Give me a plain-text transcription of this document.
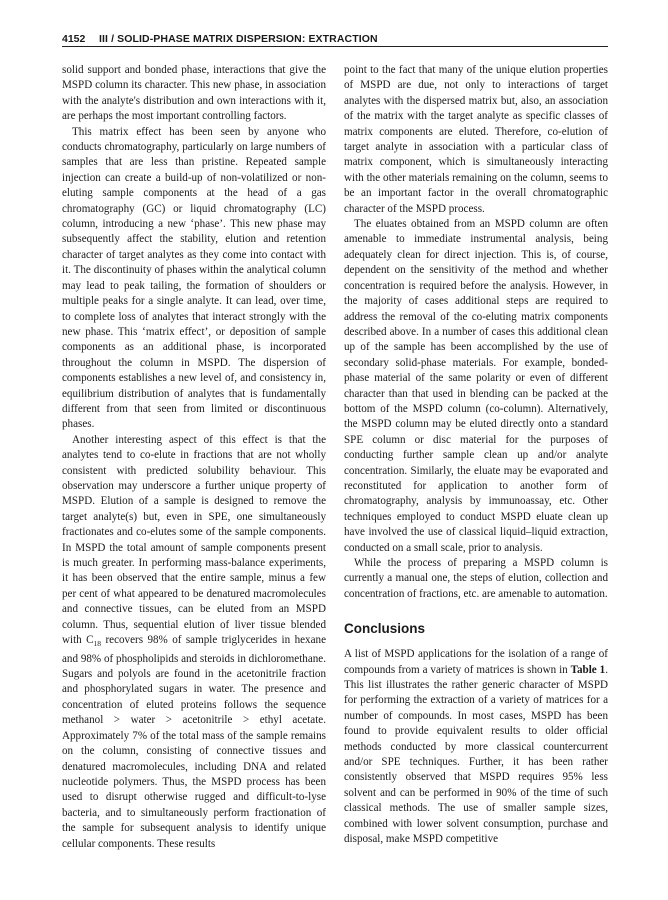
4152 III / SOLID-PHASE MATRIX DISPERSION: EXTRACTION

solid support and bonded phase, interactions that give the MSPD column its character. This new phase, in association with the analyte's distribution and own interactions with it, are perhaps the most important controlling factors.

This matrix effect has been seen by anyone who conducts chromatography, particularly on large numbers of samples that are less than pristine. Repeated sample injection can create a build-up of non-volatilized or non-eluting sample components at the head of a gas chromatography (GC) or liquid chromatography (LC) column, introducing a new ‘phase’. This new phase may subsequently affect the stability, elution and retention character of target analytes as they come into contact with it. The discontinuity of phases within the analytical column may lead to peak tailing, the formation of shoulders or multiple peaks for a single analyte. It can lead, over time, to complete loss of analytes that interact strongly with the new phase. This ‘matrix effect’, or deposition of sample components as an additional phase, is incorporated throughout the column in MSPD. The dispersion of components establishes a new level of, and consistency in, equilibrium distribution of analytes that is fundamentally different from that seen from limited or discontinuous phases.

Another interesting aspect of this effect is that the analytes tend to co-elute in fractions that are not wholly consistent with predicted solubility behaviour. This observation may underscore a further unique property of MSPD. Elution of a sample is designed to remove the target analyte(s) but, even in SPE, one simultaneously fractionates and co-elutes some of the sample components. In MSPD the total amount of sample components present is much greater. In performing mass-balance experiments, it has been observed that the entire sample, minus a few per cent of what appeared to be denatured macromolecules and connective tissues, can be eluted from an MSPD column. Thus, sequential elution of liver tissue blended with $C_{18}$ recovers 98% of sample triglycerides in hexane and 98% of phospholipids and steroids in dichloromethane. Sugars and polyols are found in the acetonitrile fraction and phosphorylated sugars in water. The presence and concentration of eluted proteins follows the sequence methanol > water > acetonitrile > ethyl acetate. Approximately 7% of the total mass of the sample remains on the column, consisting of connective tissues and denatured macromolecules, including DNA and related nucleotide polymers. Thus, the MSPD process has been used to disrupt otherwise rugged and difficult-to-lyse bacteria, and to simultaneously perform fractionation of the sample for subsequent analysis to identify unique cellular components. These results

point to the fact that many of the unique elution properties of MSPD are due, not only to interactions of target analytes with the dispersed matrix but, also, an association of the matrix with the target analyte as specific classes of matrix components are eluted. Therefore, co-elution of target analyte in association with a particular class of matrix component, which is simultaneously interacting with the other materials remaining on the column, seems to be an important factor in the overall chromatographic character of the MSPD process.

The eluates obtained from an MSPD column are often amenable to immediate instrumental analysis, being adequately clean for direct injection. This is, of course, dependent on the sensitivity of the method and whether concentration is required before the analysis. However, in the majority of cases additional steps are required to address the removal of the co-eluting matrix components described above. In a number of cases this additional clean up of the sample has been accomplished by the use of secondary solid-phase materials. For example, bonded-phase material of the same polarity or even of different character than that used in blending can be packed at the bottom of the MSPD column (co-column). Alternatively, the MSPD column may be eluted directly onto a standard SPE column or disc material for the purposes of conducting further sample clean up and/or analyte concentration. Similarly, the eluate may be evaporated and reconstituted for application to another form of chromatography, analysis by immunoassay, etc. Other techniques employed to conduct MSPD eluate clean up have involved the use of classical liquid–liquid extraction, conducted on a small scale, prior to analysis.

While the process of preparing a MSPD column is currently a manual one, the steps of elution, collection and concentration of fractions, etc. are amenable to automation.

Conclusions

A list of MSPD applications for the isolation of a range of compounds from a variety of matrices is shown in Table 1. This list illustrates the rather generic character of MSPD for performing the extraction of a variety of matrices for a number of compounds. In most cases, MSPD has been found to provide equivalent results to older official methods conducted by more classical countercurrent and/or SPE techniques. Further, it has been rather consistently observed that MSPD requires 95% less solvent and can be performed in 90% of the time of such classical methods. The use of smaller sample sizes, combined with lower solvent consumption, purchase and disposal, make MSPD competitive
